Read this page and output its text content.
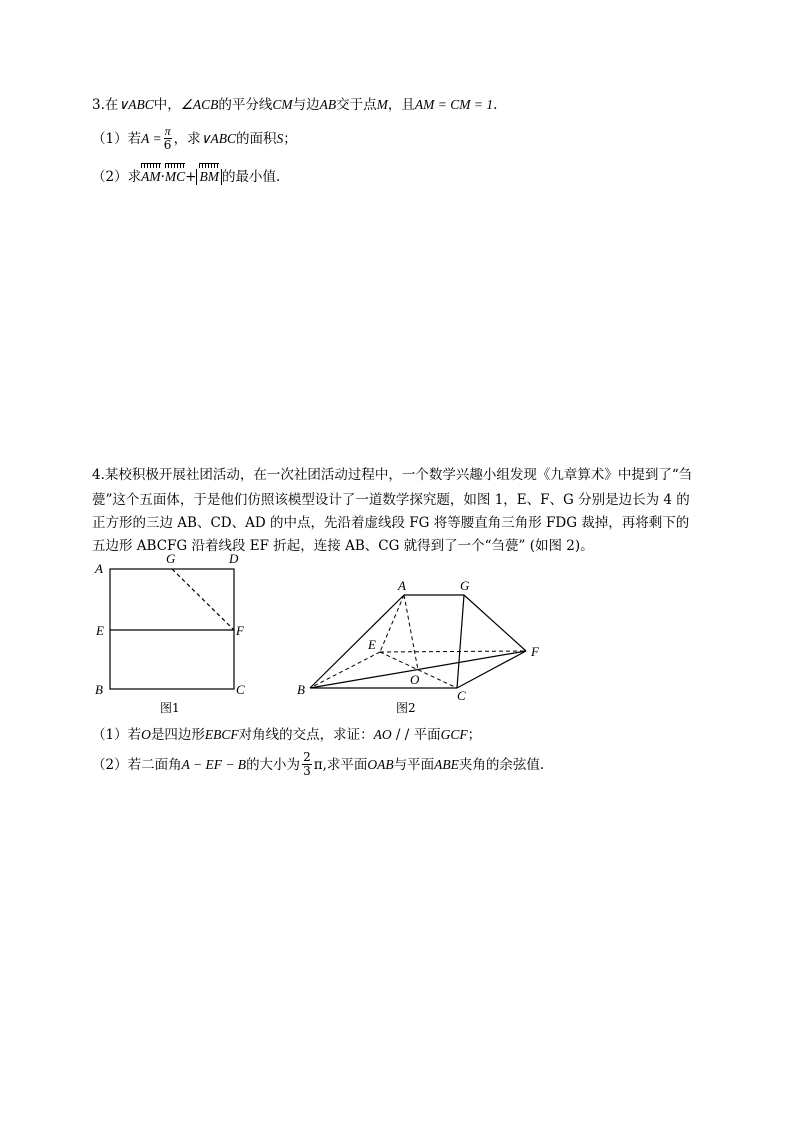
3.在∨ABC中，∠ACB的平分线CM与边AB交于点M，且AM = CM = 1.
（1）若$A = \frac{\pi}{6}$ ，求∨ABC的面积S；
（2）求AM·MC+ BM 的最小值.
4.某校积极开展社团活动，在一次社团活动过程中，一个数学兴趣小组发现《九章算术》中提到了“刍
甍”这个五面体，于是他们仿照该模型设计了一道数学探究题，如图 1，E、F、G 分别是边长为 4 的
正方形的三边 AB、CD、AD 的中点，先沿着虚线段 FG 将等腰直角三角形 FDG 裁掉，再将剩下的
五边形 ABCFG 沿着线段 EF 折起，连接 AB、CG 就得到了一个“刍甍” (如图 2)。
A
G	D
E	F
B	C
图1
A	G
E	F
O
B	C
图2
（1）若O是四边形EBCF对角线的交点，求证：AO / / 平面GCF；
（2）若二面角A − EF − B的大小为 $\frac{2}{3} \pi$,求平面OAB与平面ABE夹角的余弦值.
